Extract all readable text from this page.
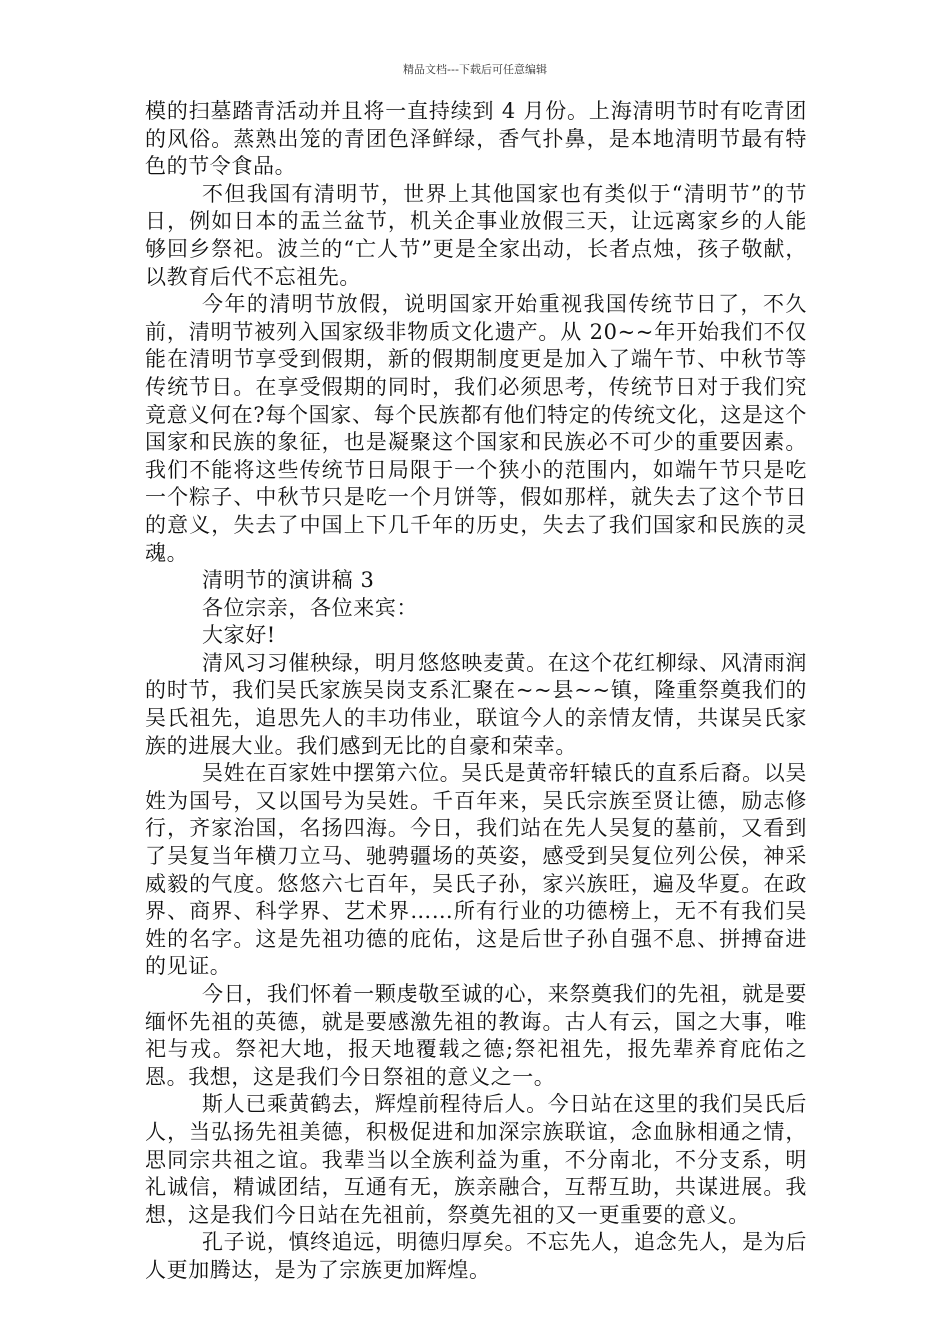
精品文档---下载后可任意编辑

模的扫墓踏青活动并且将一直持续到 4 月份。上海清明节时有吃青团的风俗。蒸熟出笼的青团色泽鲜绿，香气扑鼻，是本地清明节最有特色的节令食品。

不但我国有清明节，世界上其他国家也有类似于“清明节”的节日，例如日本的盂兰盆节，机关企事业放假三天，让远离家乡的人能够回乡祭祀。波兰的“亡人节”更是全家出动，长者点烛，孩子敬献，以教育后代不忘祖先。

今年的清明节放假，说明国家开始重视我国传统节日了，不久前，清明节被列入国家级非物质文化遗产。从 20~~年开始我们不仅能在清明节享受到假期，新的假期制度更是加入了端午节、中秋节等传统节日。在享受假期的同时，我们必须思考，传统节日对于我们究竟意义何在?每个国家、每个民族都有他们特定的传统文化，这是这个国家和民族的象征，也是凝聚这个国家和民族必不可少的重要因素。我们不能将这些传统节日局限于一个狭小的范围内，如端午节只是吃一个粽子、中秋节只是吃一个月饼等，假如那样，就失去了这个节日的意义，失去了中国上下几千年的历史，失去了我们国家和民族的灵魂。

清明节的演讲稿 3

各位宗亲，各位来宾：

大家好!

清风习习催秧绿，明月悠悠映麦黄。在这个花红柳绿、风清雨润的时节，我们吴氏家族吴岗支系汇聚在~~县~~镇，隆重祭奠我们的吴氏祖先，追思先人的丰功伟业，联谊今人的亲情友情，共谋吴氏家族的进展大业。我们感到无比的自豪和荣幸。

吴姓在百家姓中摆第六位。吴氏是黄帝轩辕氏的直系后裔。以吴姓为国号，又以国号为吴姓。千百年来，吴氏宗族至贤让德，励志修行，齐家治国，名扬四海。今日，我们站在先人吴复的墓前，又看到了吴复当年横刀立马、驰骋疆场的英姿，感受到吴复位列公侯，神采威毅的气度。悠悠六七百年，吴氏子孙，家兴族旺，遍及华夏。在政界、商界、科学界、艺术界……所有行业的功德榜上，无不有我们吴姓的名字。这是先祖功德的庇佑，这是后世子孙自强不息、拼搏奋进的见证。

今日，我们怀着一颗虔敬至诚的心，来祭奠我们的先祖，就是要缅怀先祖的英德，就是要感激先祖的教诲。古人有云，国之大事，唯祀与戎。祭祀大地，报天地覆载之德;祭祀祖先，报先辈养育庇佑之恩。我想，这是我们今日祭祖的意义之一。

斯人已乘黄鹤去，辉煌前程待后人。今日站在这里的我们吴氏后人，当弘扬先祖美德，积极促进和加深宗族联谊，念血脉相通之情，思同宗共祖之谊。我辈当以全族利益为重，不分南北，不分支系，明礼诚信，精诚团结，互通有无，族亲融合，互帮互助，共谋进展。我想，这是我们今日站在先祖前，祭奠先祖的又一更重要的意义。

孔子说，慎终追远，明德归厚矣。不忘先人，追念先人，是为后人更加腾达，是为了宗族更加辉煌。
